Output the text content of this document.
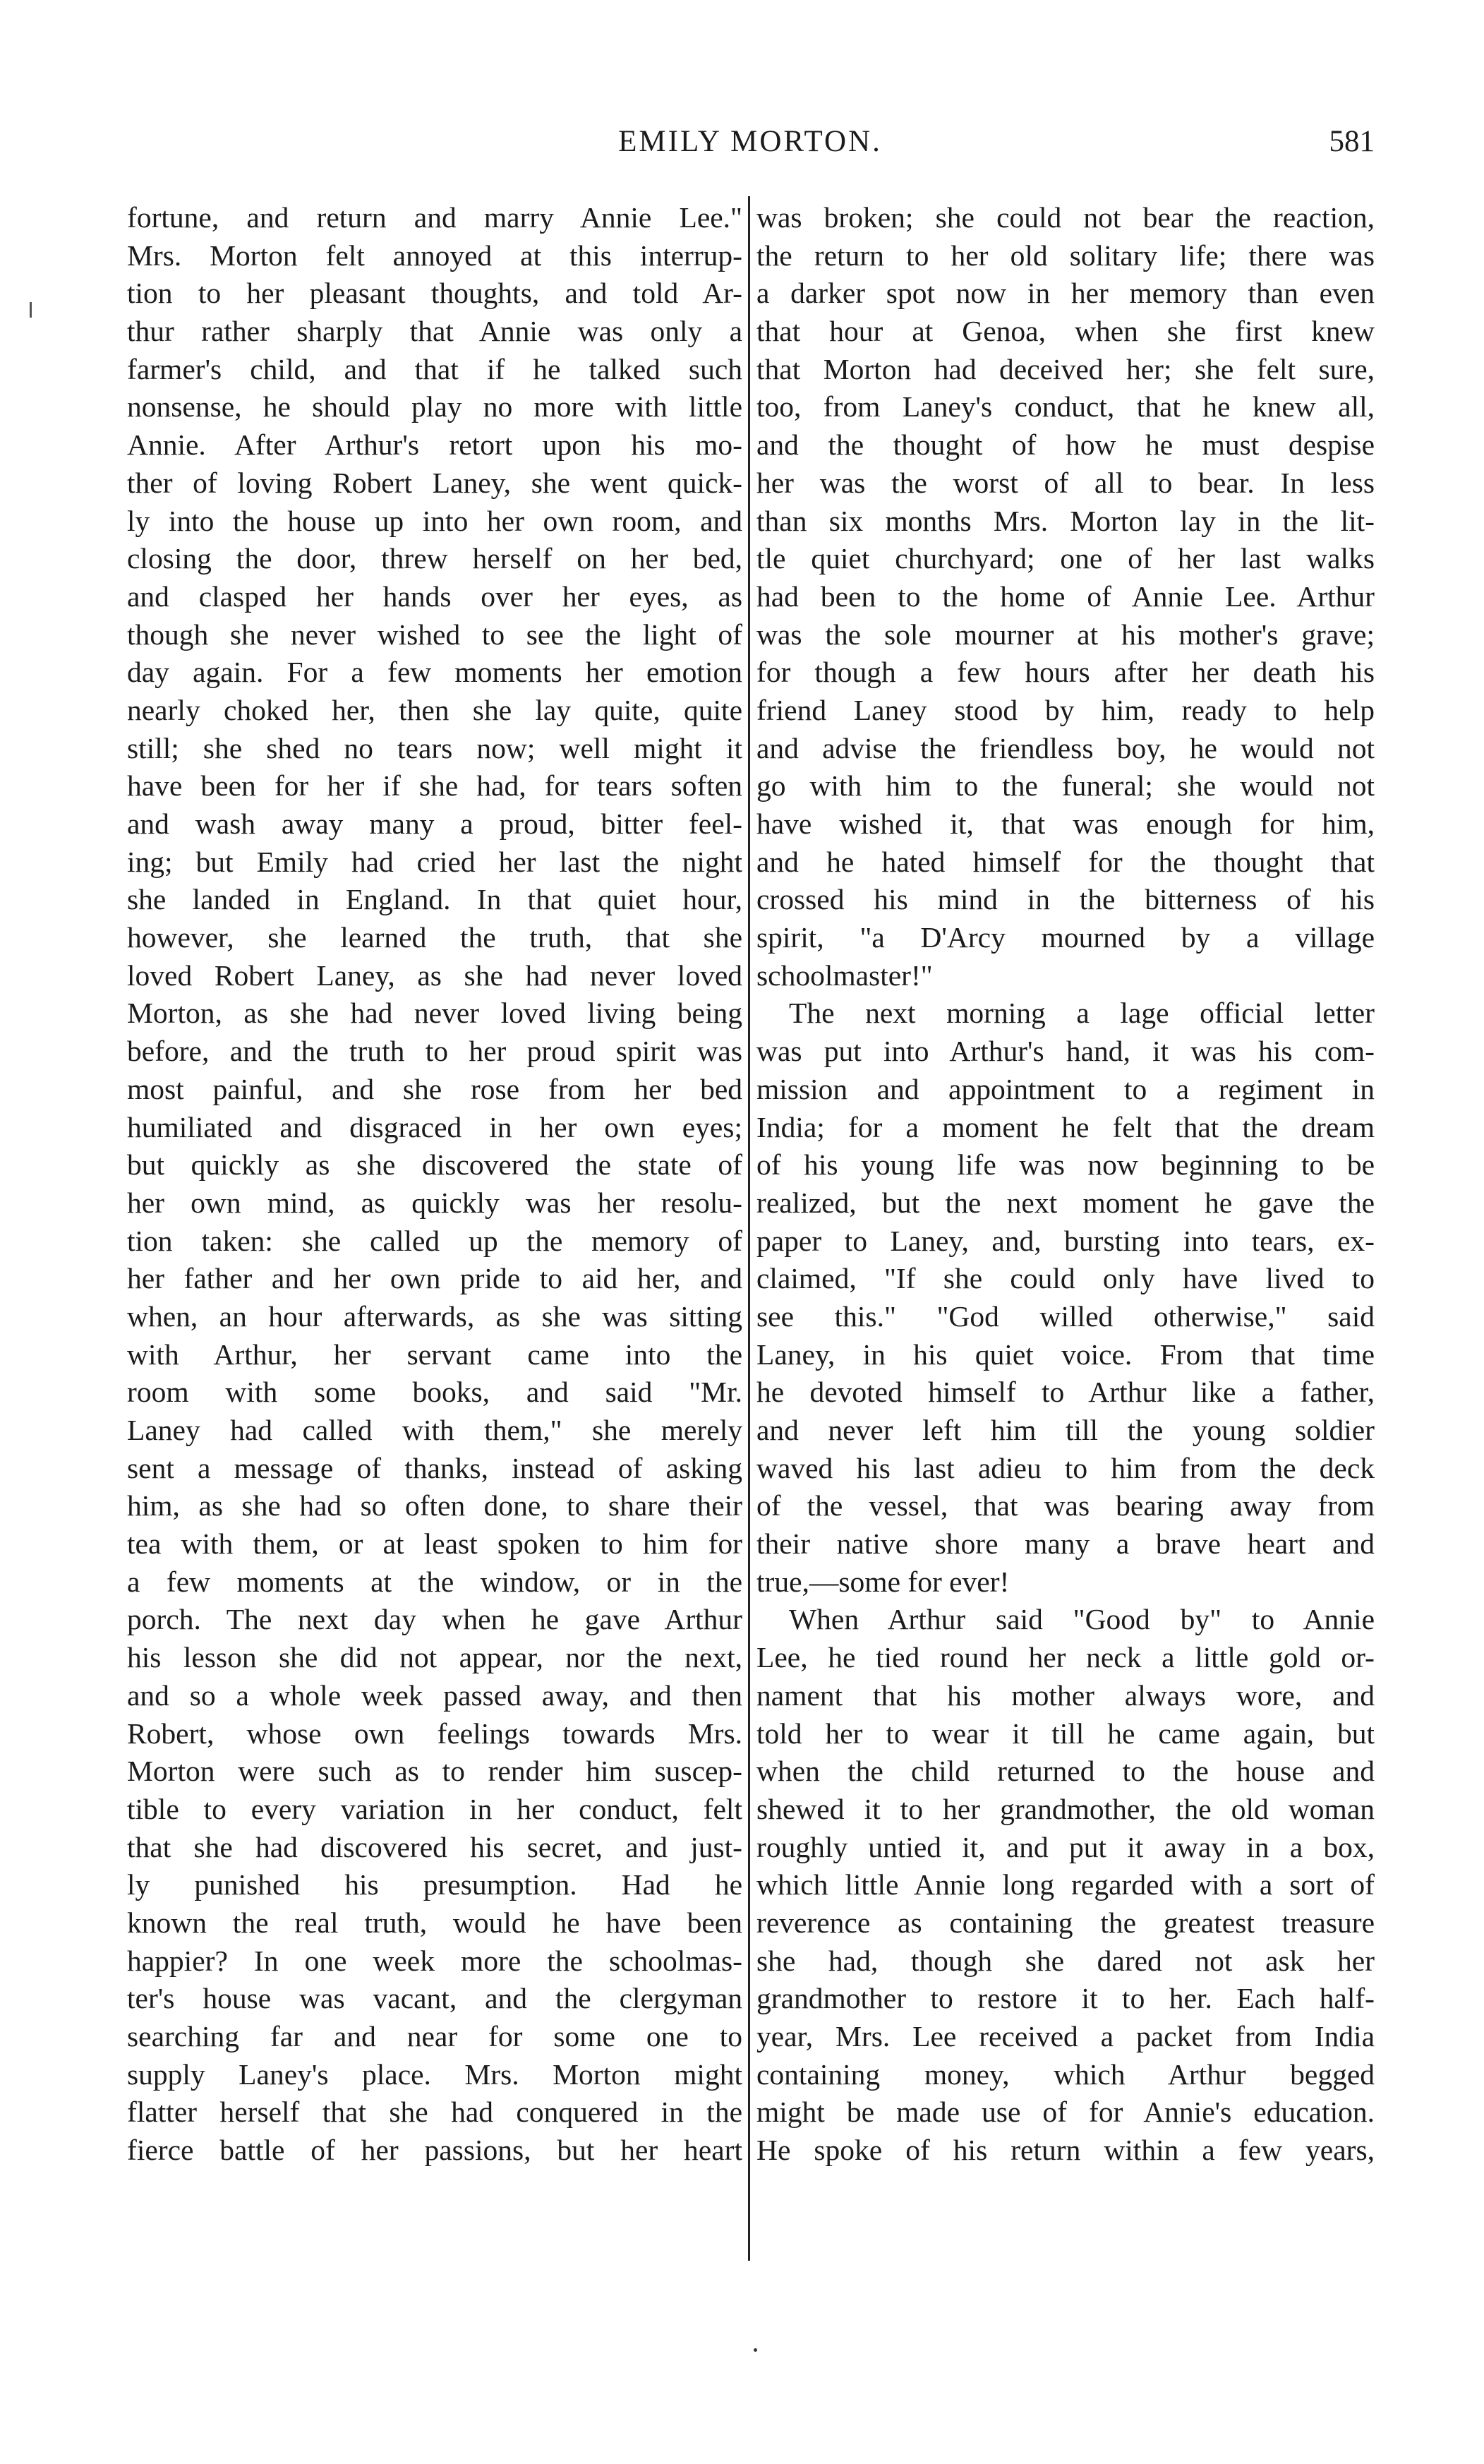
EMILY MORTON.	581
fortune, and return and marry Annie Lee."
Mrs. Morton felt annoyed at this interrup-
tion to her pleasant thoughts, and told Ar-
thur rather sharply that Annie was only a
farmer's child, and that if he talked such
nonsense, he should play no more with little
Annie. After Arthur's retort upon his mo-
ther of loving Robert Laney, she went quick-
ly into the house up into her own room, and
closing the door, threw herself on her bed,
and clasped her hands over her eyes, as
though she never wished to see the light of
day again. For a few moments her emotion
nearly choked her, then she lay quite, quite
still; she shed no tears now; well might it
have been for her if she had, for tears soften
and wash away many a proud, bitter feel-
ing; but Emily had cried her last the night
she landed in England. In that quiet hour,
however, she learned the truth, that she
loved Robert Laney, as she had never loved
Morton, as she had never loved living being
before, and the truth to her proud spirit was
most painful, and she rose from her bed
humiliated and disgraced in her own eyes;
but quickly as she discovered the state of
her own mind, as quickly was her resolu-
tion taken: she called up the memory of
her father and her own pride to aid her, and
when, an hour afterwards, as she was sitting
with Arthur, her servant came into the
room with some books, and said "Mr.
Laney had called with them," she merely
sent a message of thanks, instead of asking
him, as she had so often done, to share their
tea with them, or at least spoken to him for
a few moments at the window, or in the
porch. The next day when he gave Arthur
his lesson she did not appear, nor the next,
and so a whole week passed away, and then
Robert, whose own feelings towards Mrs.
Morton were such as to render him suscep-
tible to every variation in her conduct, felt
that she had discovered his secret, and just-
ly punished his presumption. Had he
known the real truth, would he have been
happier? In one week more the schoolmas-
ter's house was vacant, and the clergyman
searching far and near for some one to
supply Laney's place. Mrs. Morton might
flatter herself that she had conquered in the
fierce battle of her passions, but her heart
was broken; she could not bear the reaction,
the return to her old solitary life; there was
a darker spot now in her memory than even
that hour at Genoa, when she first knew
that Morton had deceived her; she felt sure,
too, from Laney's conduct, that he knew all,
and the thought of how he must despise
her was the worst of all to bear. In less
than six months Mrs. Morton lay in the lit-
tle quiet churchyard; one of her last walks
had been to the home of Annie Lee. Arthur
was the sole mourner at his mother's grave;
for though a few hours after her death his
friend Laney stood by him, ready to help
and advise the friendless boy, he would not
go with him to the funeral; she would not
have wished it, that was enough for him,
and he hated himself for the thought that
crossed his mind in the bitterness of his
spirit, "a D'Arcy mourned by a village
schoolmaster!"
The next morning a lage official letter
was put into Arthur's hand, it was his com-
mission and appointment to a regiment in
India; for a moment he felt that the dream
of his young life was now beginning to be
realized, but the next moment he gave the
paper to Laney, and, bursting into tears, ex-
claimed, "If she could only have lived to
see this." "God willed otherwise," said
Laney, in his quiet voice. From that time
he devoted himself to Arthur like a father,
and never left him till the young soldier
waved his last adieu to him from the deck
of the vessel, that was bearing away from
their native shore many a brave heart and
true,—some for ever!
When Arthur said "Good by" to Annie
Lee, he tied round her neck a little gold or-
nament that his mother always wore, and
told her to wear it till he came again, but
when the child returned to the house and
shewed it to her grandmother, the old woman
roughly untied it, and put it away in a box,
which little Annie long regarded with a sort of
reverence as containing the greatest treasure
she had, though she dared not ask her
grandmother to restore it to her. Each half-
year, Mrs. Lee received a packet from India
containing money, which Arthur begged
might be made use of for Annie's education.
He spoke of his return within a few years,
